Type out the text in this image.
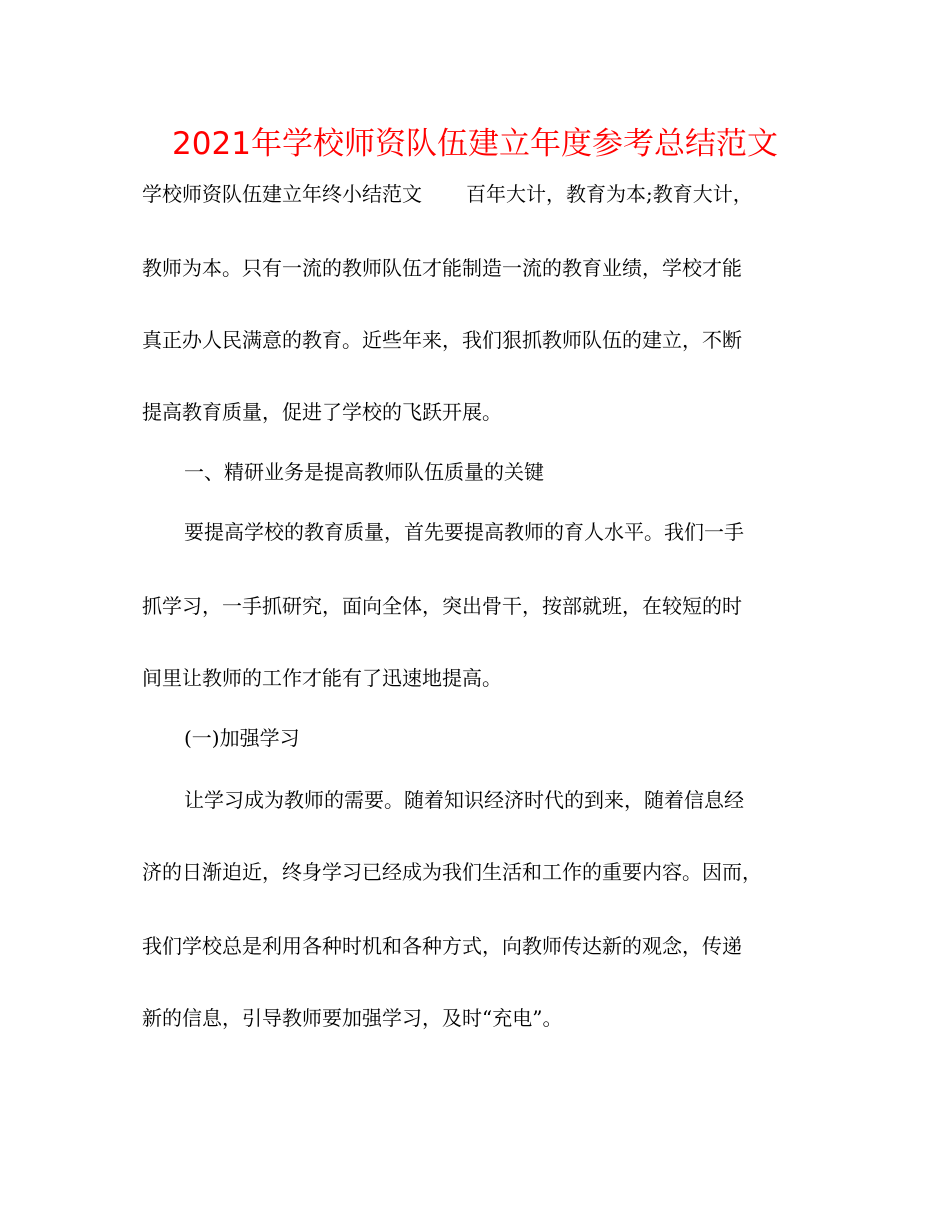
2021年学校师资队伍建立年度参考总结范文
学校师资队伍建立年终小结范文 百年大计，教育为本;教育大计，
教师为本。只有一流的教师队伍才能制造一流的教育业绩，学校才能
真正办人民满意的教育。近些年来，我们狠抓教师队伍的建立，不断
提高教育质量，促进了学校的飞跃开展。
一、精研业务是提高教师队伍质量的关键
要提高学校的教育质量，首先要提高教师的育人水平。我们一手
抓学习，一手抓研究，面向全体，突出骨干，按部就班，在较短的时
间里让教师的工作才能有了迅速地提高。
(一)加强学习
让学习成为教师的需要。随着知识经济时代的到来，随着信息经
济的日渐迫近，终身学习已经成为我们生活和工作的重要内容。因而，
我们学校总是利用各种时机和各种方式，向教师传达新的观念，传递
新的信息，引导教师要加强学习，及时“充电”。
